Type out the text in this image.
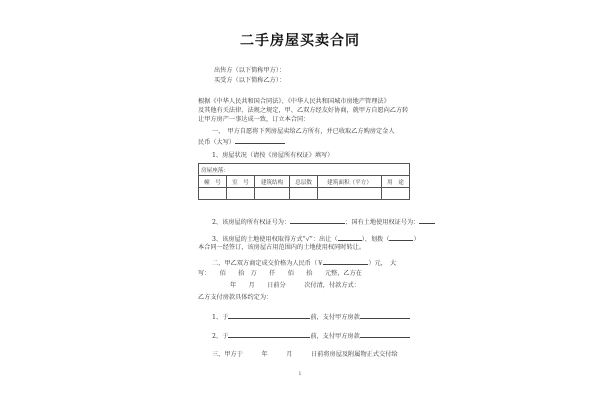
二手房屋买卖合同
出售方（以下简称甲方）：
买受方（以下简称乙方）：
根据《中华人民共和国合同法》、《中华人民共和国城市房地产管理法》
及其他有关法律、法规之规定，甲、乙双方经友好协商，就甲方自愿向乙方转
让甲方房产一事达成一致，订立本合同：
一、　甲方自愿将下列房屋卖给乙方所有，并已收取乙方购房定金人
民币（大写）
1、房屋状况（请按《房屋所有权证》填写）
房屋座落：					
幢　号	室　号	建筑结构	总层数	建筑面积（平方）	用　途

2、该房屋的所有权证号为：	；国有土地使用权证号为：
3、该房屋的土地使用权取得方式“√”：出让（	）、划拨（	）
本合同一经签订，该房屋占用范围内的土地使用权同时转让。
二、甲乙双方商定成交价格为人民币（￥	）元，　大
写：　　佰　　拾　万　　仟　　佰　　拾　　元整，乙方在
年　　月　　日前分　　　次付清，付款方式：
乙方支付房款具体约定为：
1、于	前，支付甲方房款
2、于	前，支付甲方房款
三、甲方于　　　年　　　月　　　日前将房屋及附属物正式交付给
1
